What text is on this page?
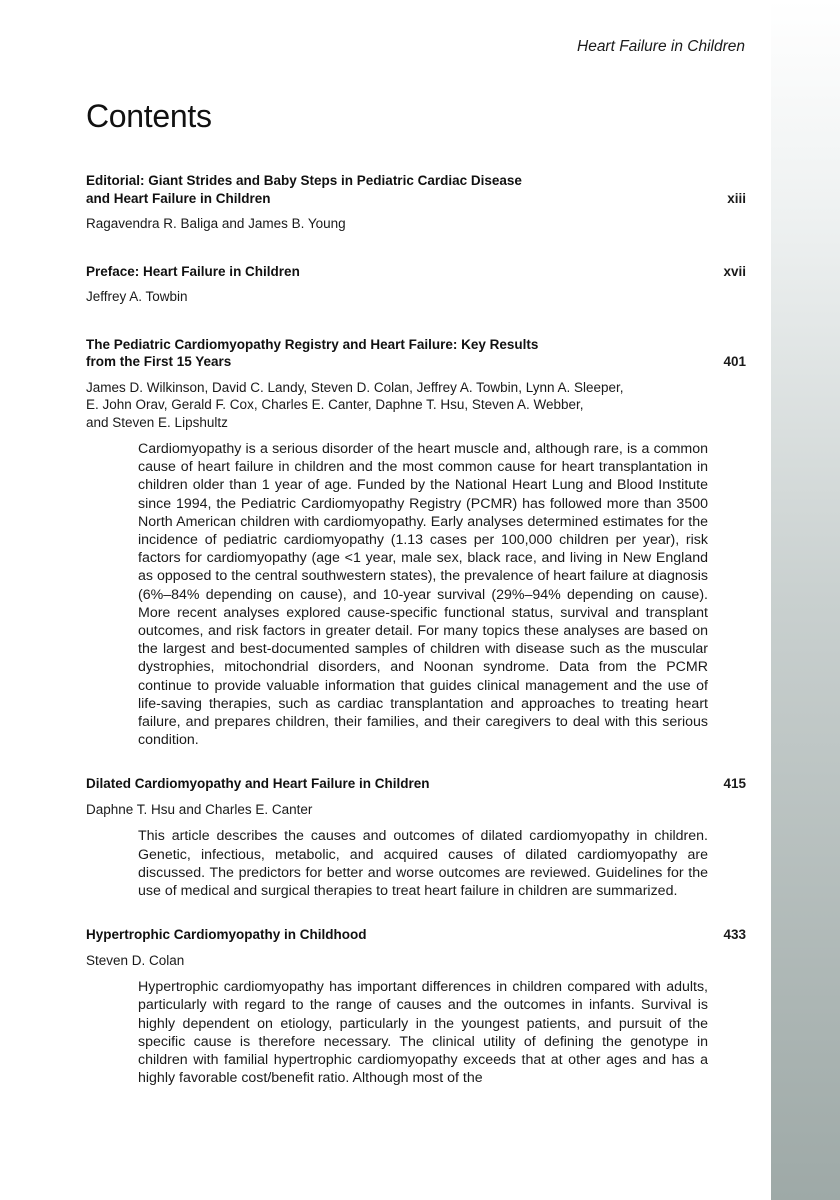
Heart Failure in Children
Contents
Editorial: Giant Strides and Baby Steps in Pediatric Cardiac Disease
and Heart Failure in Children	xiii
Ragavendra R. Baliga and James B. Young
Preface: Heart Failure in Children	xvii
Jeffrey A. Towbin
The Pediatric Cardiomyopathy Registry and Heart Failure: Key Results
from the First 15 Years	401
James D. Wilkinson, David C. Landy, Steven D. Colan, Jeffrey A. Towbin, Lynn A. Sleeper,
E. John Orav, Gerald F. Cox, Charles E. Canter, Daphne T. Hsu, Steven A. Webber,
and Steven E. Lipshultz

Cardiomyopathy is a serious disorder of the heart muscle and, although rare, is a common cause of heart failure in children and the most common cause for heart transplantation in children older than 1 year of age. Funded by the National Heart Lung and Blood Institute since 1994, the Pediatric Cardiomyopathy Registry (PCMR) has followed more than 3500 North American children with cardiomyopathy. Early analyses determined estimates for the incidence of pediatric cardiomyopathy (1.13 cases per 100,000 children per year), risk factors for cardiomyopathy (age <1 year, male sex, black race, and living in New England as opposed to the central southwestern states), the prevalence of heart failure at diagnosis (6%–84% depending on cause), and 10-year survival (29%–94% depending on cause). More recent analyses explored cause-specific functional status, survival and transplant outcomes, and risk factors in greater detail. For many topics these analyses are based on the largest and best-documented samples of children with disease such as the muscular dystrophies, mitochondrial disorders, and Noonan syndrome. Data from the PCMR continue to provide valuable information that guides clinical management and the use of life-saving therapies, such as cardiac transplantation and approaches to treating heart failure, and prepares children, their families, and their caregivers to deal with this serious condition.

Dilated Cardiomyopathy and Heart Failure in Children	415
Daphne T. Hsu and Charles E. Canter

This article describes the causes and outcomes of dilated cardiomyopathy in children. Genetic, infectious, metabolic, and acquired causes of dilated cardiomyopathy are discussed. The predictors for better and worse outcomes are reviewed. Guidelines for the use of medical and surgical therapies to treat heart failure in children are summarized.

Hypertrophic Cardiomyopathy in Childhood	433
Steven D. Colan

Hypertrophic cardiomyopathy has important differences in children compared with adults, particularly with regard to the range of causes and the outcomes in infants. Survival is highly dependent on etiology, particularly in the youngest patients, and pursuit of the specific cause is therefore necessary. The clinical utility of defining the genotype in children with familial hypertrophic cardiomyopathy exceeds that at other ages and has a highly favorable cost/benefit ratio. Although most of the
